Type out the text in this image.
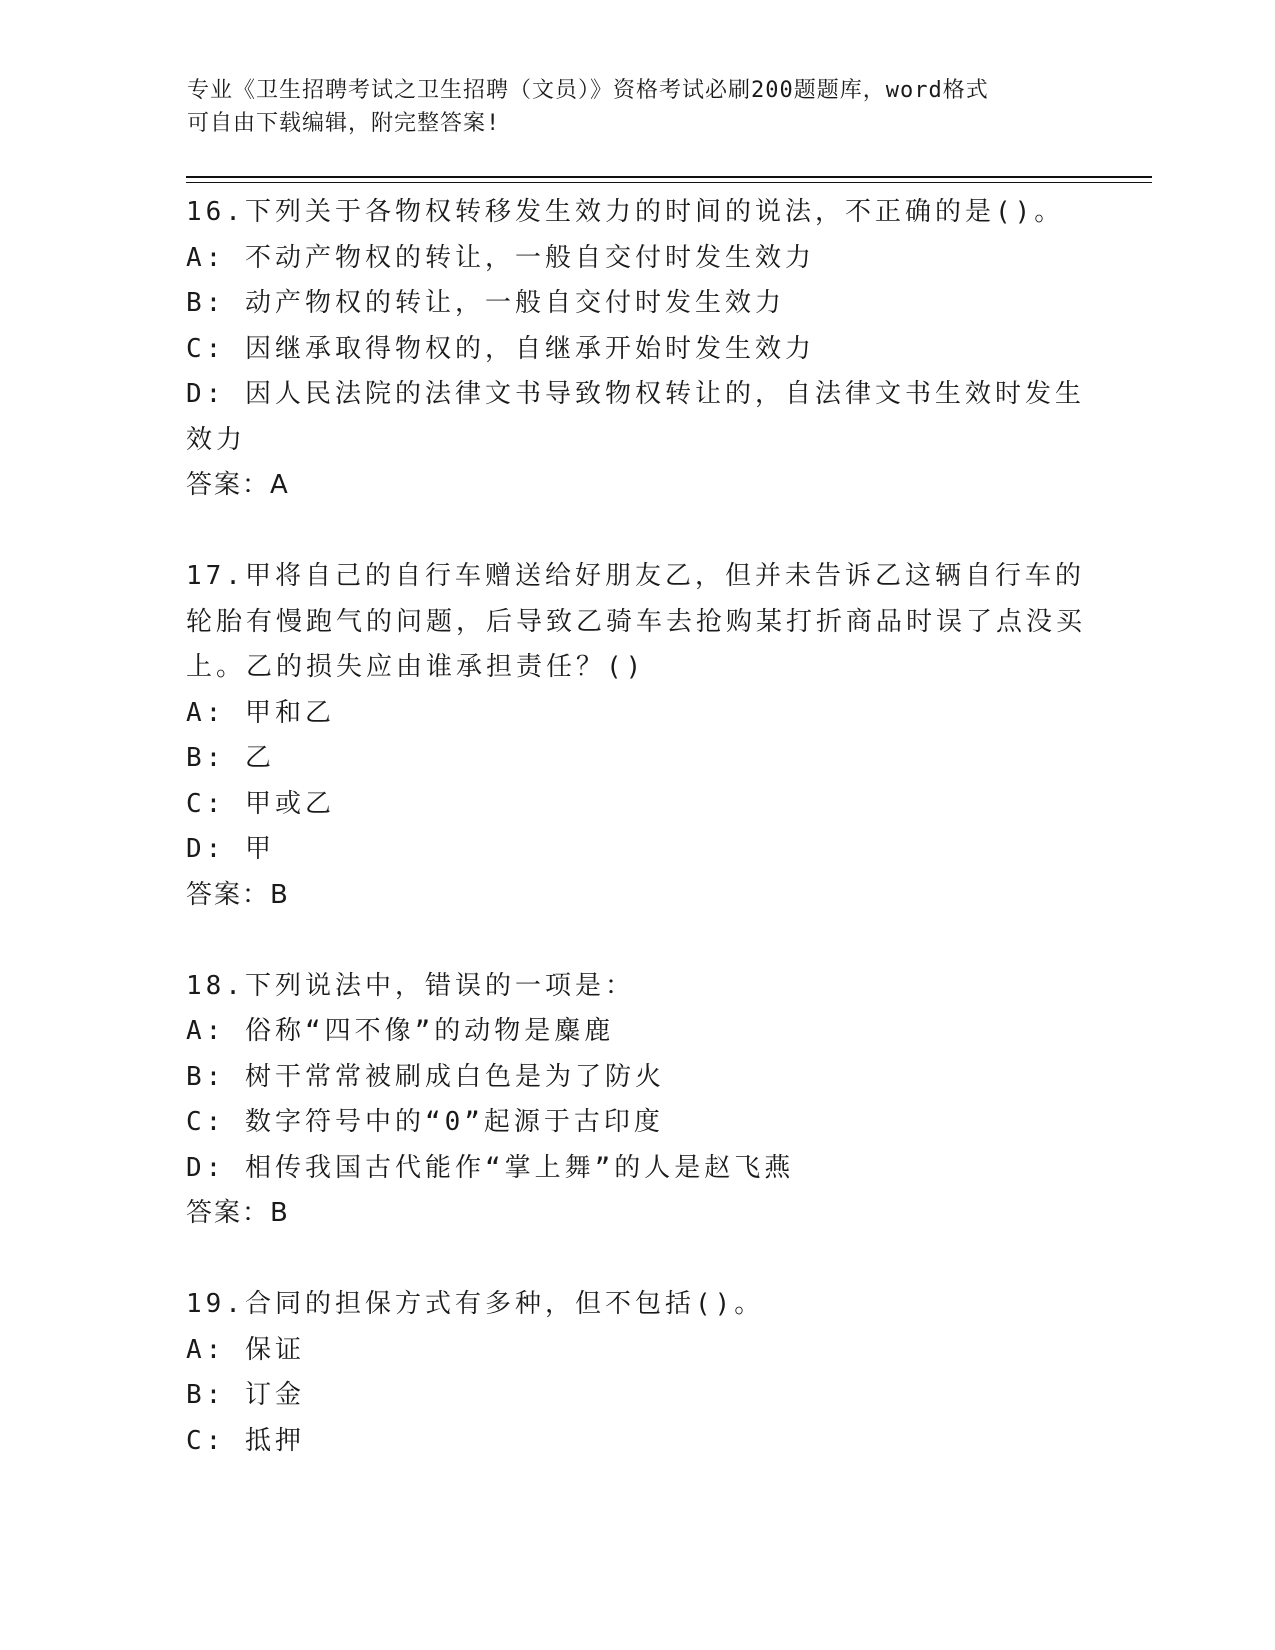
专业《卫生招聘考试之卫生招聘（文员）》资格考试必刷200题题库，word格式
可自由下载编辑，附完整答案!
16.下列关于各物权转移发生效力的时间的说法，不正确的是()。
A: 不动产物权的转让，一般自交付时发生效力
B: 动产物权的转让，一般自交付时发生效力
C: 因继承取得物权的，自继承开始时发生效力
D: 因人民法院的法律文书导致物权转让的，自法律文书生效时发生效力
答案：A
17.甲将自己的自行车赠送给好朋友乙，但并未告诉乙这辆自行车的轮胎有慢跑气的问题，后导致乙骑车去抢购某打折商品时误了点没买上。乙的损失应由谁承担责任？()
A: 甲和乙
B: 乙
C: 甲或乙
D: 甲
答案：B
18.下列说法中，错误的一项是：
A: 俗称“四不像”的动物是麋鹿
B: 树干常常被刷成白色是为了防火
C: 数字符号中的“0”起源于古印度
D: 相传我国古代能作“掌上舞”的人是赵飞燕
答案：B
19.合同的担保方式有多种，但不包括()。
A: 保证
B: 订金
C: 抵押
